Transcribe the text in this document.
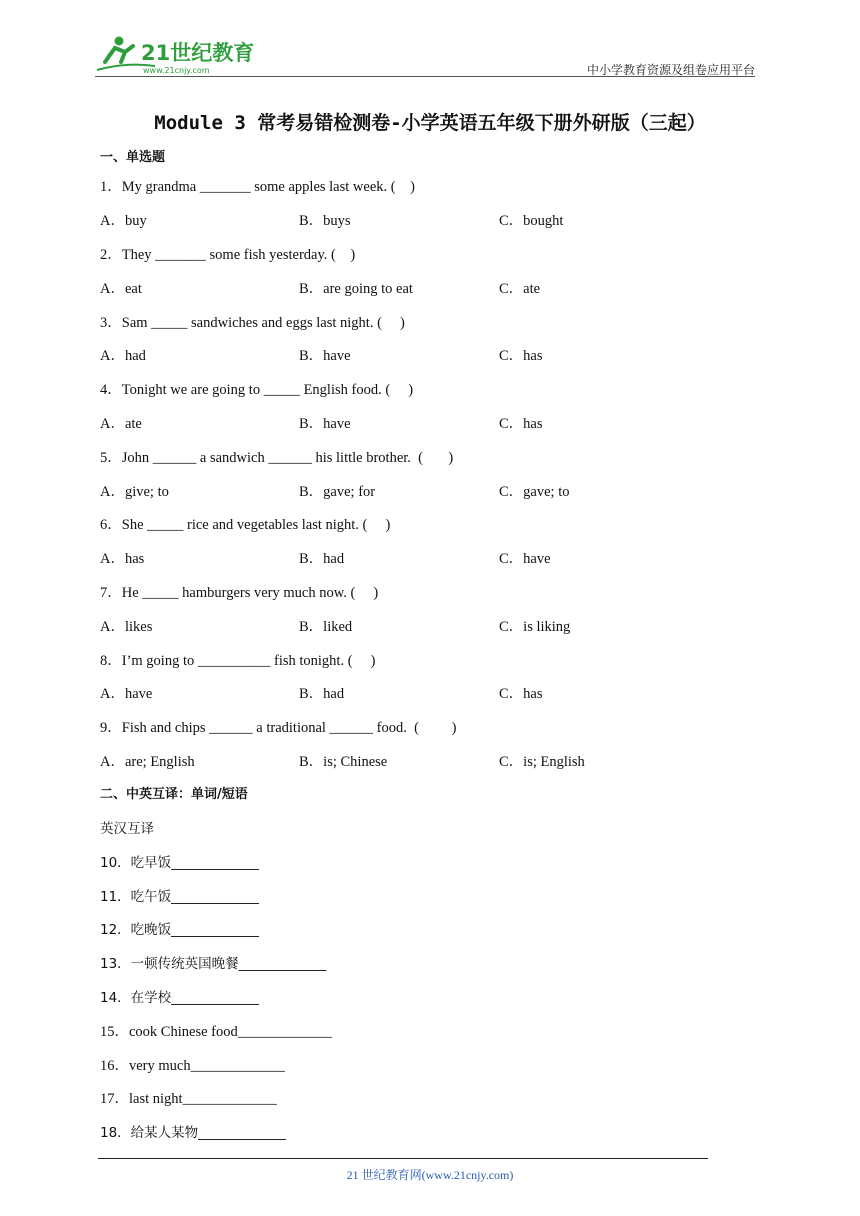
21世纪教育
www.21cnjy.com	中小学教育资源及组卷应用平台
Module 3 常考易错检测卷-小学英语五年级下册外研版（三起）
一、单选题
1．My grandma _______ some apples last week. (    )
A．buy	B．buys	C．bought
2．They _______ some fish yesterday. (    )
A．eat	B．are going to eat	C．ate
3．Sam _____ sandwiches and eggs last night. (     )
A．had	B．have	C．has
4．Tonight we are going to _____ English food. (     )
A．ate	B．have	C．has
5．John ______ a sandwich ______ his little brother.  (       )
A．give; to	B．gave; for	C．gave; to
6．She _____ rice and vegetables last night. (     )
A．has	B．had	C．have
7．He _____ hamburgers very much now. (     )
A．likes	B．liked	C．is liking
8．I’m going to __________ fish tonight. (     )
A．have	B．had	C．has
9．Fish and chips ______ a traditional ______ food.  (         )
A．are; English	B．is; Chinese	C．is; English
二、中英互译：单词/短语
英汉互译
10．吃早饭_____________
11．吃午饭_____________
12．吃晚饭_____________
13．一顿传统英国晚餐_____________
14．在学校_____________
15．cook Chinese food_____________
16．very much_____________
17．last night_____________
18．给某人某物_____________
21 世纪教育网(www.21cnjy.com)
